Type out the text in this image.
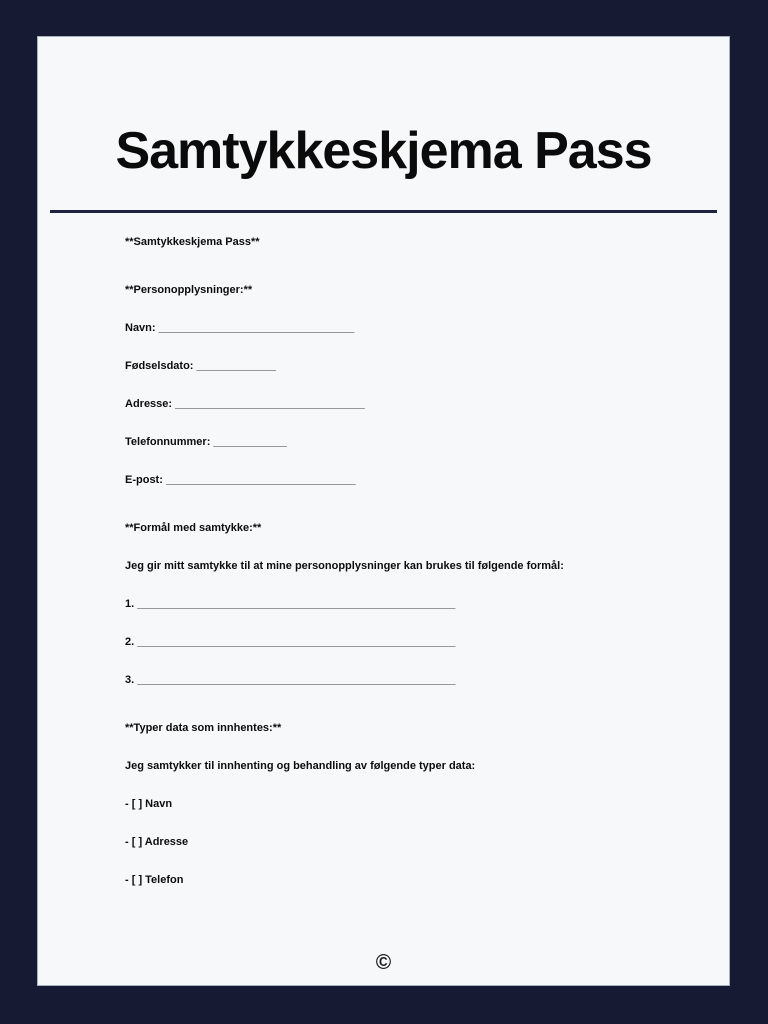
Samtykkeskjema Pass

**Samtykkeskjema Pass**

**Personopplysninger:**

Navn: ________________________________

Fødselsdato: _____________

Adresse: _______________________________

Telefonnummer: ____________

E-post: _______________________________

**Formål med samtykke:**

Jeg gir mitt samtykke til at mine personopplysninger kan brukes til følgende formål:

1. ____________________________________________________

2. ____________________________________________________

3. ____________________________________________________

**Typer data som innhentes:**

Jeg samtykker til innhenting og behandling av følgende typer data:

- [ ] Navn

- [ ] Adresse

- [ ] Telefon

©
